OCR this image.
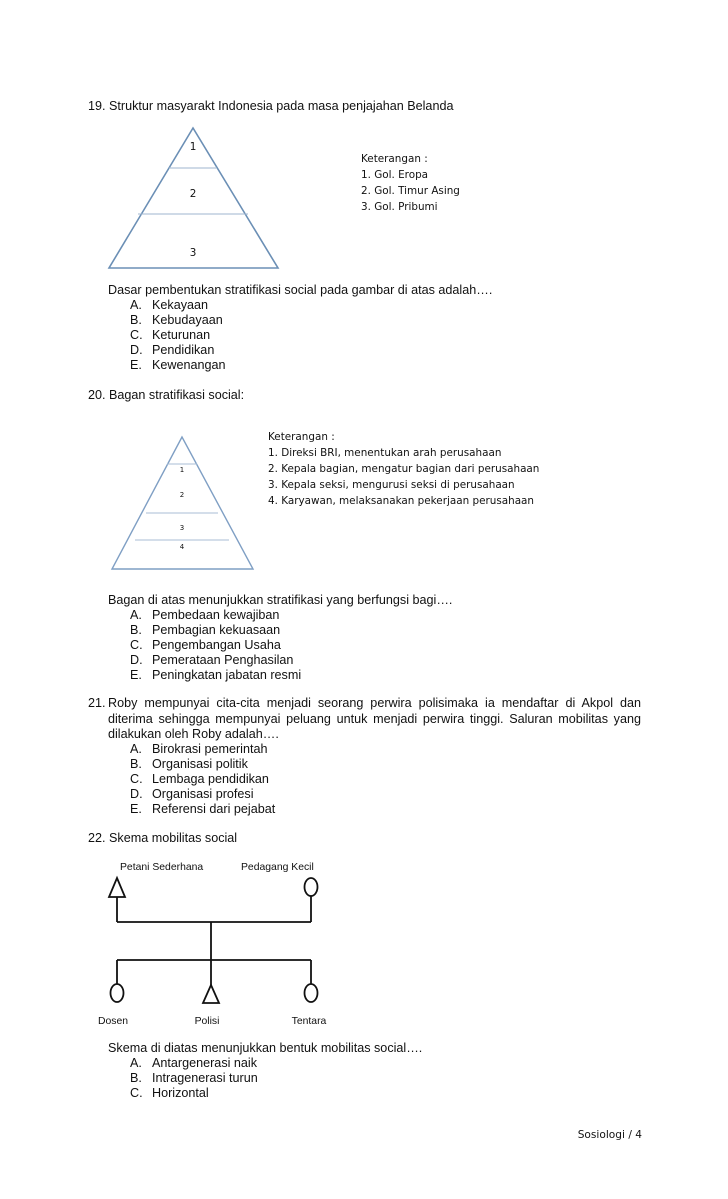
19. Struktur masyarakt Indonesia pada masa penjajahan Belanda
1
2
3
Keterangan :
1. Gol. Eropa
2. Gol. Timur Asing
3. Gol. Pribumi
Dasar pembentukan stratifikasi social pada gambar di atas adalah….
A. Kekayaan
B. Kebudayaan
C. Keturunan
D. Pendidikan
E. Kewenangan
20. Bagan stratifikasi social:
1
2
3
4
Keterangan :
1. Direksi BRI, menentukan arah perusahaan
2. Kepala bagian, mengatur bagian dari perusahaan
3. Kepala seksi, mengurusi seksi di perusahaan
4. Karyawan, melaksanakan pekerjaan perusahaan
Bagan di atas menunjukkan stratifikasi yang berfungsi bagi….
A. Pembedaan kewajiban
B. Pembagian kekuasaan
C. Pengembangan Usaha
D. Pemerataan Penghasilan
E. Peningkatan jabatan resmi
21. Roby mempunyai cita-cita menjadi seorang perwira polisimaka ia mendaftar di Akpol dan diterima sehingga mempunyai peluang untuk menjadi perwira tinggi. Saluran mobilitas yang dilakukan oleh Roby adalah….
A. Birokrasi pemerintah
B. Organisasi politik
C. Lembaga pendidikan
D. Organisasi profesi
E. Referensi dari pejabat
22. Skema mobilitas social
Petani Sederhana	Pedagang Kecil
Dosen	Polisi	Tentara
Skema di diatas menunjukkan bentuk mobilitas social….
A. Antargenerasi naik
B. Intragenerasi turun
C. Horizontal
Sosiologi / 4
